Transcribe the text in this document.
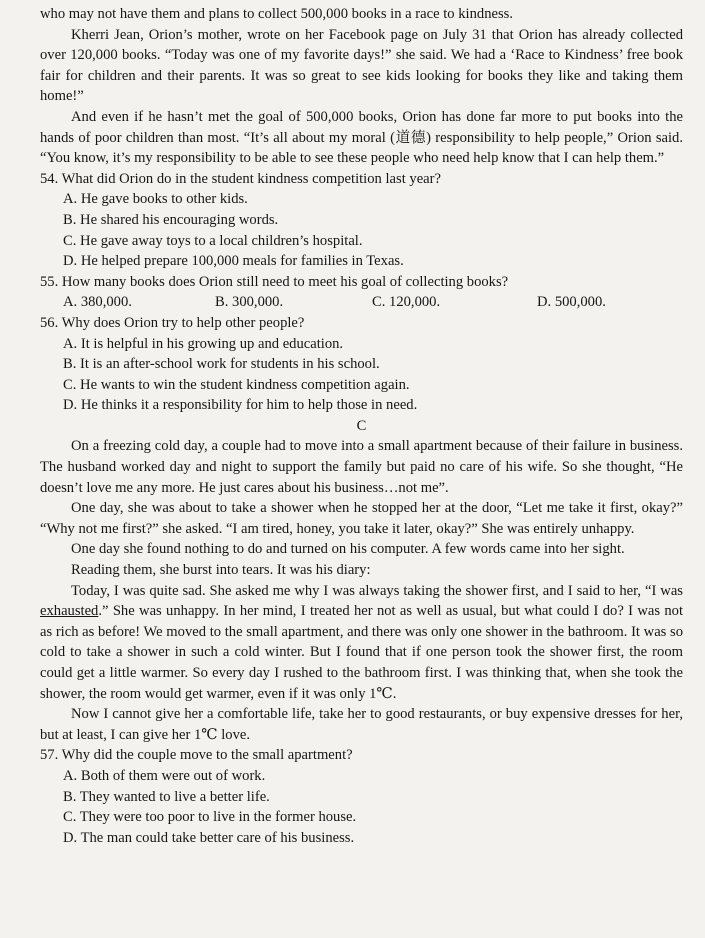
who may not have them and plans to collect 500,000 books in a race to kindness.

Kherri Jean, Orion’s mother, wrote on her Facebook page on July 31 that Orion has already collected over 120,000 books. “Today was one of my favorite days!” she said. We had a ‘Race to Kindness’ free book fair for children and their parents. It was so great to see kids looking for books they like and taking them home!”

And even if he hasn’t met the goal of 500,000 books, Orion has done far more to put books into the hands of poor children than most. “It’s all about my moral (道德) responsibility to help people,” Orion said. “You know, it’s my responsibility to be able to see these people who need help know that I can help them.”

54. What did Orion do in the student kindness competition last year?

A. He gave books to other kids.

B. He shared his encouraging words.

C. He gave away toys to a local children’s hospital.

D. He helped prepare 100,000 meals for families in Texas.

55. How many books does Orion still need to meet his goal of collecting books?

A. 380,000.	B. 300,000.	C. 120,000.	D. 500,000.

56. Why does Orion try to help other people?

A. It is helpful in his growing up and education.

B. It is an after-school work for students in his school.

C. He wants to win the student kindness competition again.

D. He thinks it a responsibility for him to help those in need.

C

On a freezing cold day, a couple had to move into a small apartment because of their failure in business. The husband worked day and night to support the family but paid no care of his wife. So she thought, “He doesn’t love me any more. He just cares about his business…not me”.

One day, she was about to take a shower when he stopped her at the door, “Let me take it first, okay?” “Why not me first?” she asked. “I am tired, honey, you take it later, okay?” She was entirely unhappy.

One day she found nothing to do and turned on his computer. A few words came into her sight.

Reading them, she burst into tears. It was his diary:

Today, I was quite sad. She asked me why I was always taking the shower first, and I said to her, “I was exhausted.” She was unhappy. In her mind, I treated her not as well as usual, but what could I do? I was not as rich as before! We moved to the small apartment, and there was only one shower in the bathroom. It was so cold to take a shower in such a cold winter. But I found that if one person took the shower first, the room could get a little warmer. So every day I rushed to the bathroom first. I was thinking that, when she took the shower, the room would get warmer, even if it was only 1℃.

Now I cannot give her a comfortable life, take her to good restaurants, or buy expensive dresses for her, but at least, I can give her 1℃ love.

57. Why did the couple move to the small apartment?

A. Both of them were out of work.

B. They wanted to live a better life.

C. They were too poor to live in the former house.

D. The man could take better care of his business.
